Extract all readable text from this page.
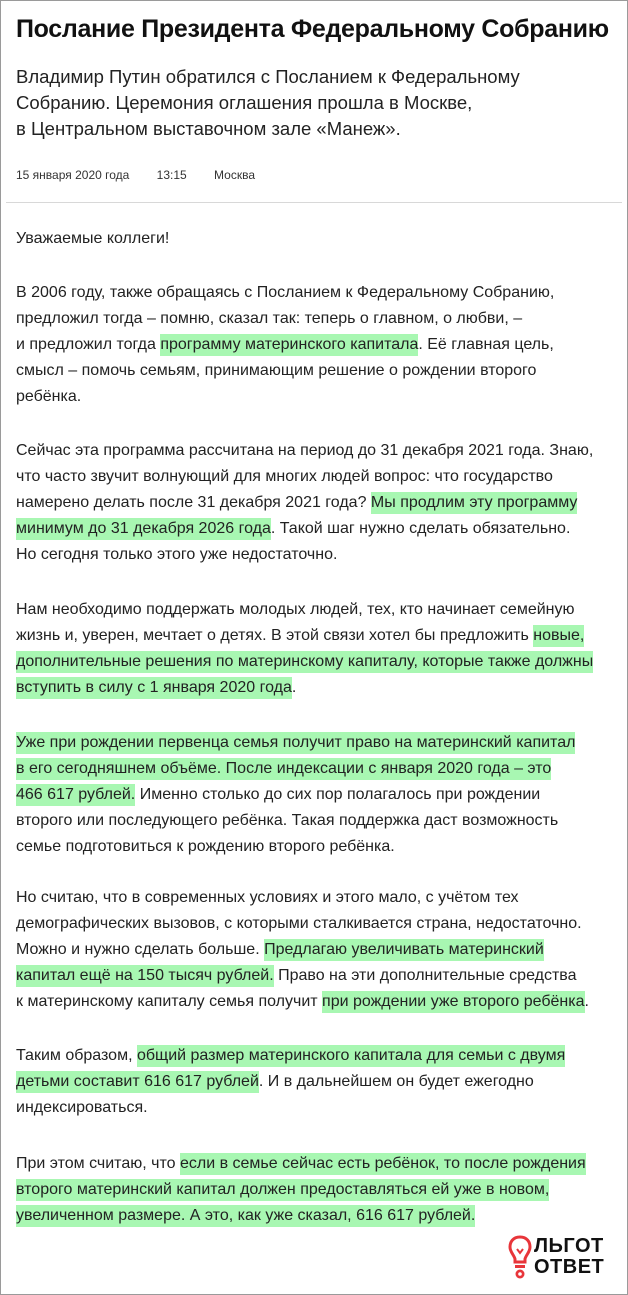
Послание Президента Федеральному Собранию
Владимир Путин обратился с Посланием к Федеральному
Собранию. Церемония оглашения прошла в Москве,
в Центральном выставочном зале «Манеж».
15 января 2020 года 13:15 Москва
Уважаемые коллеги!
В 2006 году, также обращаясь с Посланием к Федеральному Собранию,
предложил тогда – помню, сказал так: теперь о главном, о любви, –
и предложил тогда программу материнского капитала. Её главная цель,
смысл – помочь семьям, принимающим решение о рождении второго
ребёнка.
Сейчас эта программа рассчитана на период до 31 декабря 2021 года. Знаю,
что часто звучит волнующий для многих людей вопрос: что государство
намерено делать после 31 декабря 2021 года? Мы продлим эту программу
минимум до 31 декабря 2026 года. Такой шаг нужно сделать обязательно.
Но сегодня только этого уже недостаточно.
Нам необходимо поддержать молодых людей, тех, кто начинает семейную
жизнь и, уверен, мечтает о детях. В этой связи хотел бы предложить новые,
дополнительные решения по материнскому капиталу, которые также должны
вступить в силу с 1 января 2020 года.
Уже при рождении первенца семья получит право на материнский капитал
в его сегодняшнем объёме. После индексации с января 2020 года – это
466 617 рублей. Именно столько до сих пор полагалось при рождении
второго или последующего ребёнка. Такая поддержка даст возможность
семье подготовиться к рождению второго ребёнка.
Но считаю, что в современных условиях и этого мало, с учётом тех
демографических вызовов, с которыми сталкивается страна, недостаточно.
Можно и нужно сделать больше. Предлагаю увеличивать материнский
капитал ещё на 150 тысяч рублей. Право на эти дополнительные средства
к материнскому капиталу семья получит при рождении уже второго ребёнка.
Таким образом, общий размер материнского капитала для семьи с двумя
детьми составит 616 617 рублей. И в дальнейшем он будет ежегодно
индексироваться.
При этом считаю, что если в семье сейчас есть ребёнок, то после рождения
второго материнский капитал должен предоставляться ей уже в новом,
увеличенном размере. А это, как уже сказал, 616 617 рублей.
ЛЬГОТ
ОТВЕТ
